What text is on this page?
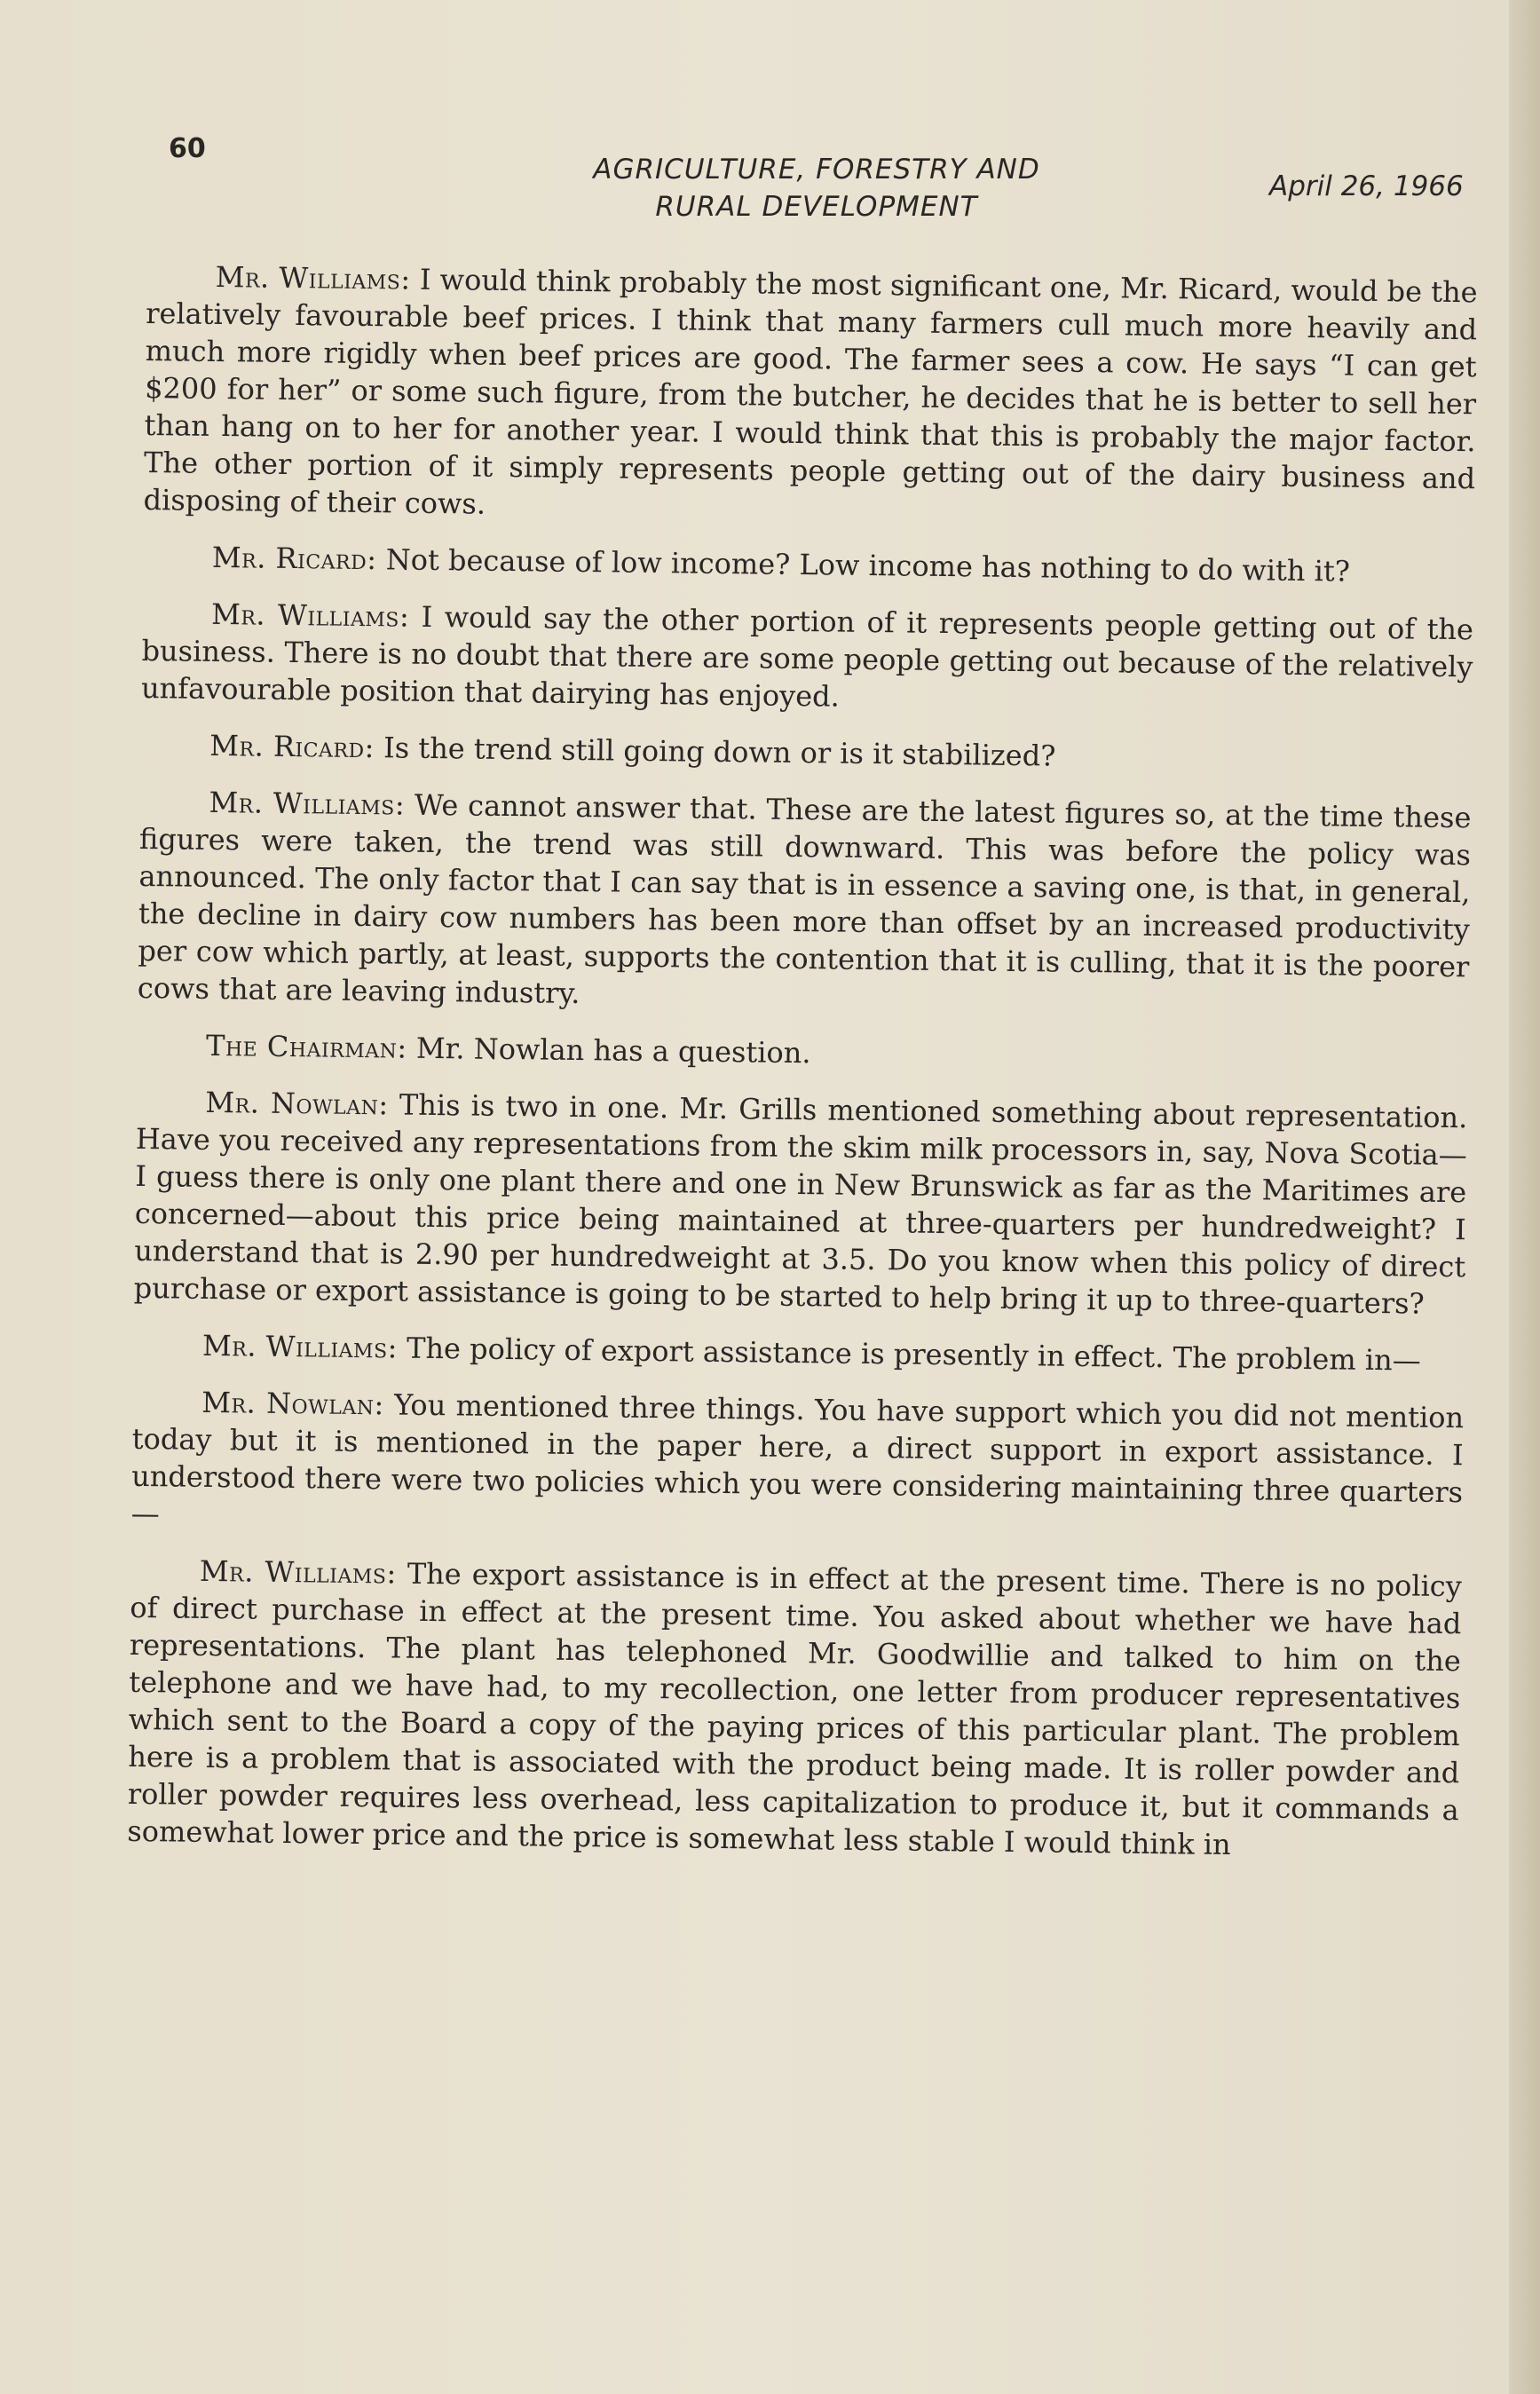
60
AGRICULTURE, FORESTRY AND
RURAL DEVELOPMENT
April 26, 1966

Mr. Williams: I would think probably the most significant one, Mr. Ricard, would be the relatively favourable beef prices. I think that many farmers cull much more heavily and much more rigidly when beef prices are good. The farmer sees a cow. He says “I can get $200 for her” or some such figure, from the butcher, he decides that he is better to sell her than hang on to her for another year. I would think that this is probably the major factor. The other portion of it simply represents people getting out of the dairy business and disposing of their cows.

Mr. Ricard: Not because of low income? Low income has nothing to do with it?

Mr. Williams: I would say the other portion of it represents people getting out of the business. There is no doubt that there are some people getting out because of the relatively unfavourable position that dairying has enjoyed.

Mr. Ricard: Is the trend still going down or is it stabilized?

Mr. Williams: We cannot answer that. These are the latest figures so, at the time these figures were taken, the trend was still downward. This was before the policy was announced. The only factor that I can say that is in essence a saving one, is that, in general, the decline in dairy cow numbers has been more than offset by an increased productivity per cow which partly, at least, supports the contention that it is culling, that it is the poorer cows that are leaving industry.

The Chairman: Mr. Nowlan has a question.

Mr. Nowlan: This is two in one. Mr. Grills mentioned something about representation. Have you received any representations from the skim milk processors in, say, Nova Scotia—I guess there is only one plant there and one in New Brunswick as far as the Maritimes are concerned—about this price being maintained at three-quarters per hundredweight? I understand that is 2.90 per hundredweight at 3.5. Do you know when this policy of direct purchase or export assistance is going to be started to help bring it up to three-quarters?

Mr. Williams: The policy of export assistance is presently in effect. The problem in—

Mr. Nowlan: You mentioned three things. You have support which you did not mention today but it is mentioned in the paper here, a direct support in export assistance. I understood there were two policies which you were considering maintaining three quarters—

Mr. Williams: The export assistance is in effect at the present time. There is no policy of direct purchase in effect at the present time. You asked about whether we have had representations. The plant has telephoned Mr. Goodwillie and talked to him on the telephone and we have had, to my recollection, one letter from producer representatives which sent to the Board a copy of the paying prices of this particular plant. The problem here is a problem that is associated with the product being made. It is roller powder and roller powder requires less overhead, less capitalization to produce it, but it commands a somewhat lower price and the price is somewhat less stable I would think in
